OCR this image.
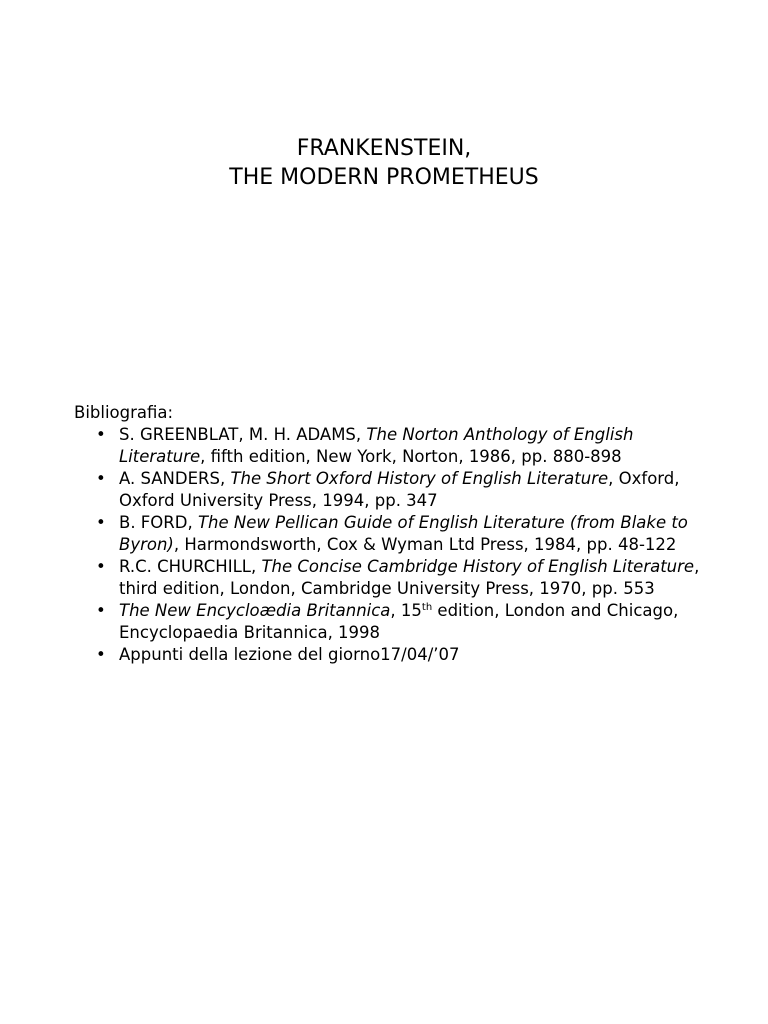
FRANKENSTEIN,
THE MODERN PROMETHEUS
Bibliografia:
• S. GREENBLAT, M. H. ADAMS, The Norton Anthology of English Literature, fifth edition, New York, Norton, 1986, pp. 880-898
• A. SANDERS, The Short Oxford History of English Literature, Oxford, Oxford University Press, 1994, pp. 347
• B. FORD, The New Pellican Guide of English Literature (from Blake to Byron), Harmondsworth, Cox & Wyman Ltd Press, 1984, pp. 48-122
• R.C. CHURCHILL, The Concise Cambridge History of English Literature, third edition, London, Cambridge University Press, 1970, pp. 553
• The New Encycloædia Britannica, 15th edition, London and Chicago, Encyclopaedia Britannica, 1998
• Appunti della lezione del giorno17/04/’07
